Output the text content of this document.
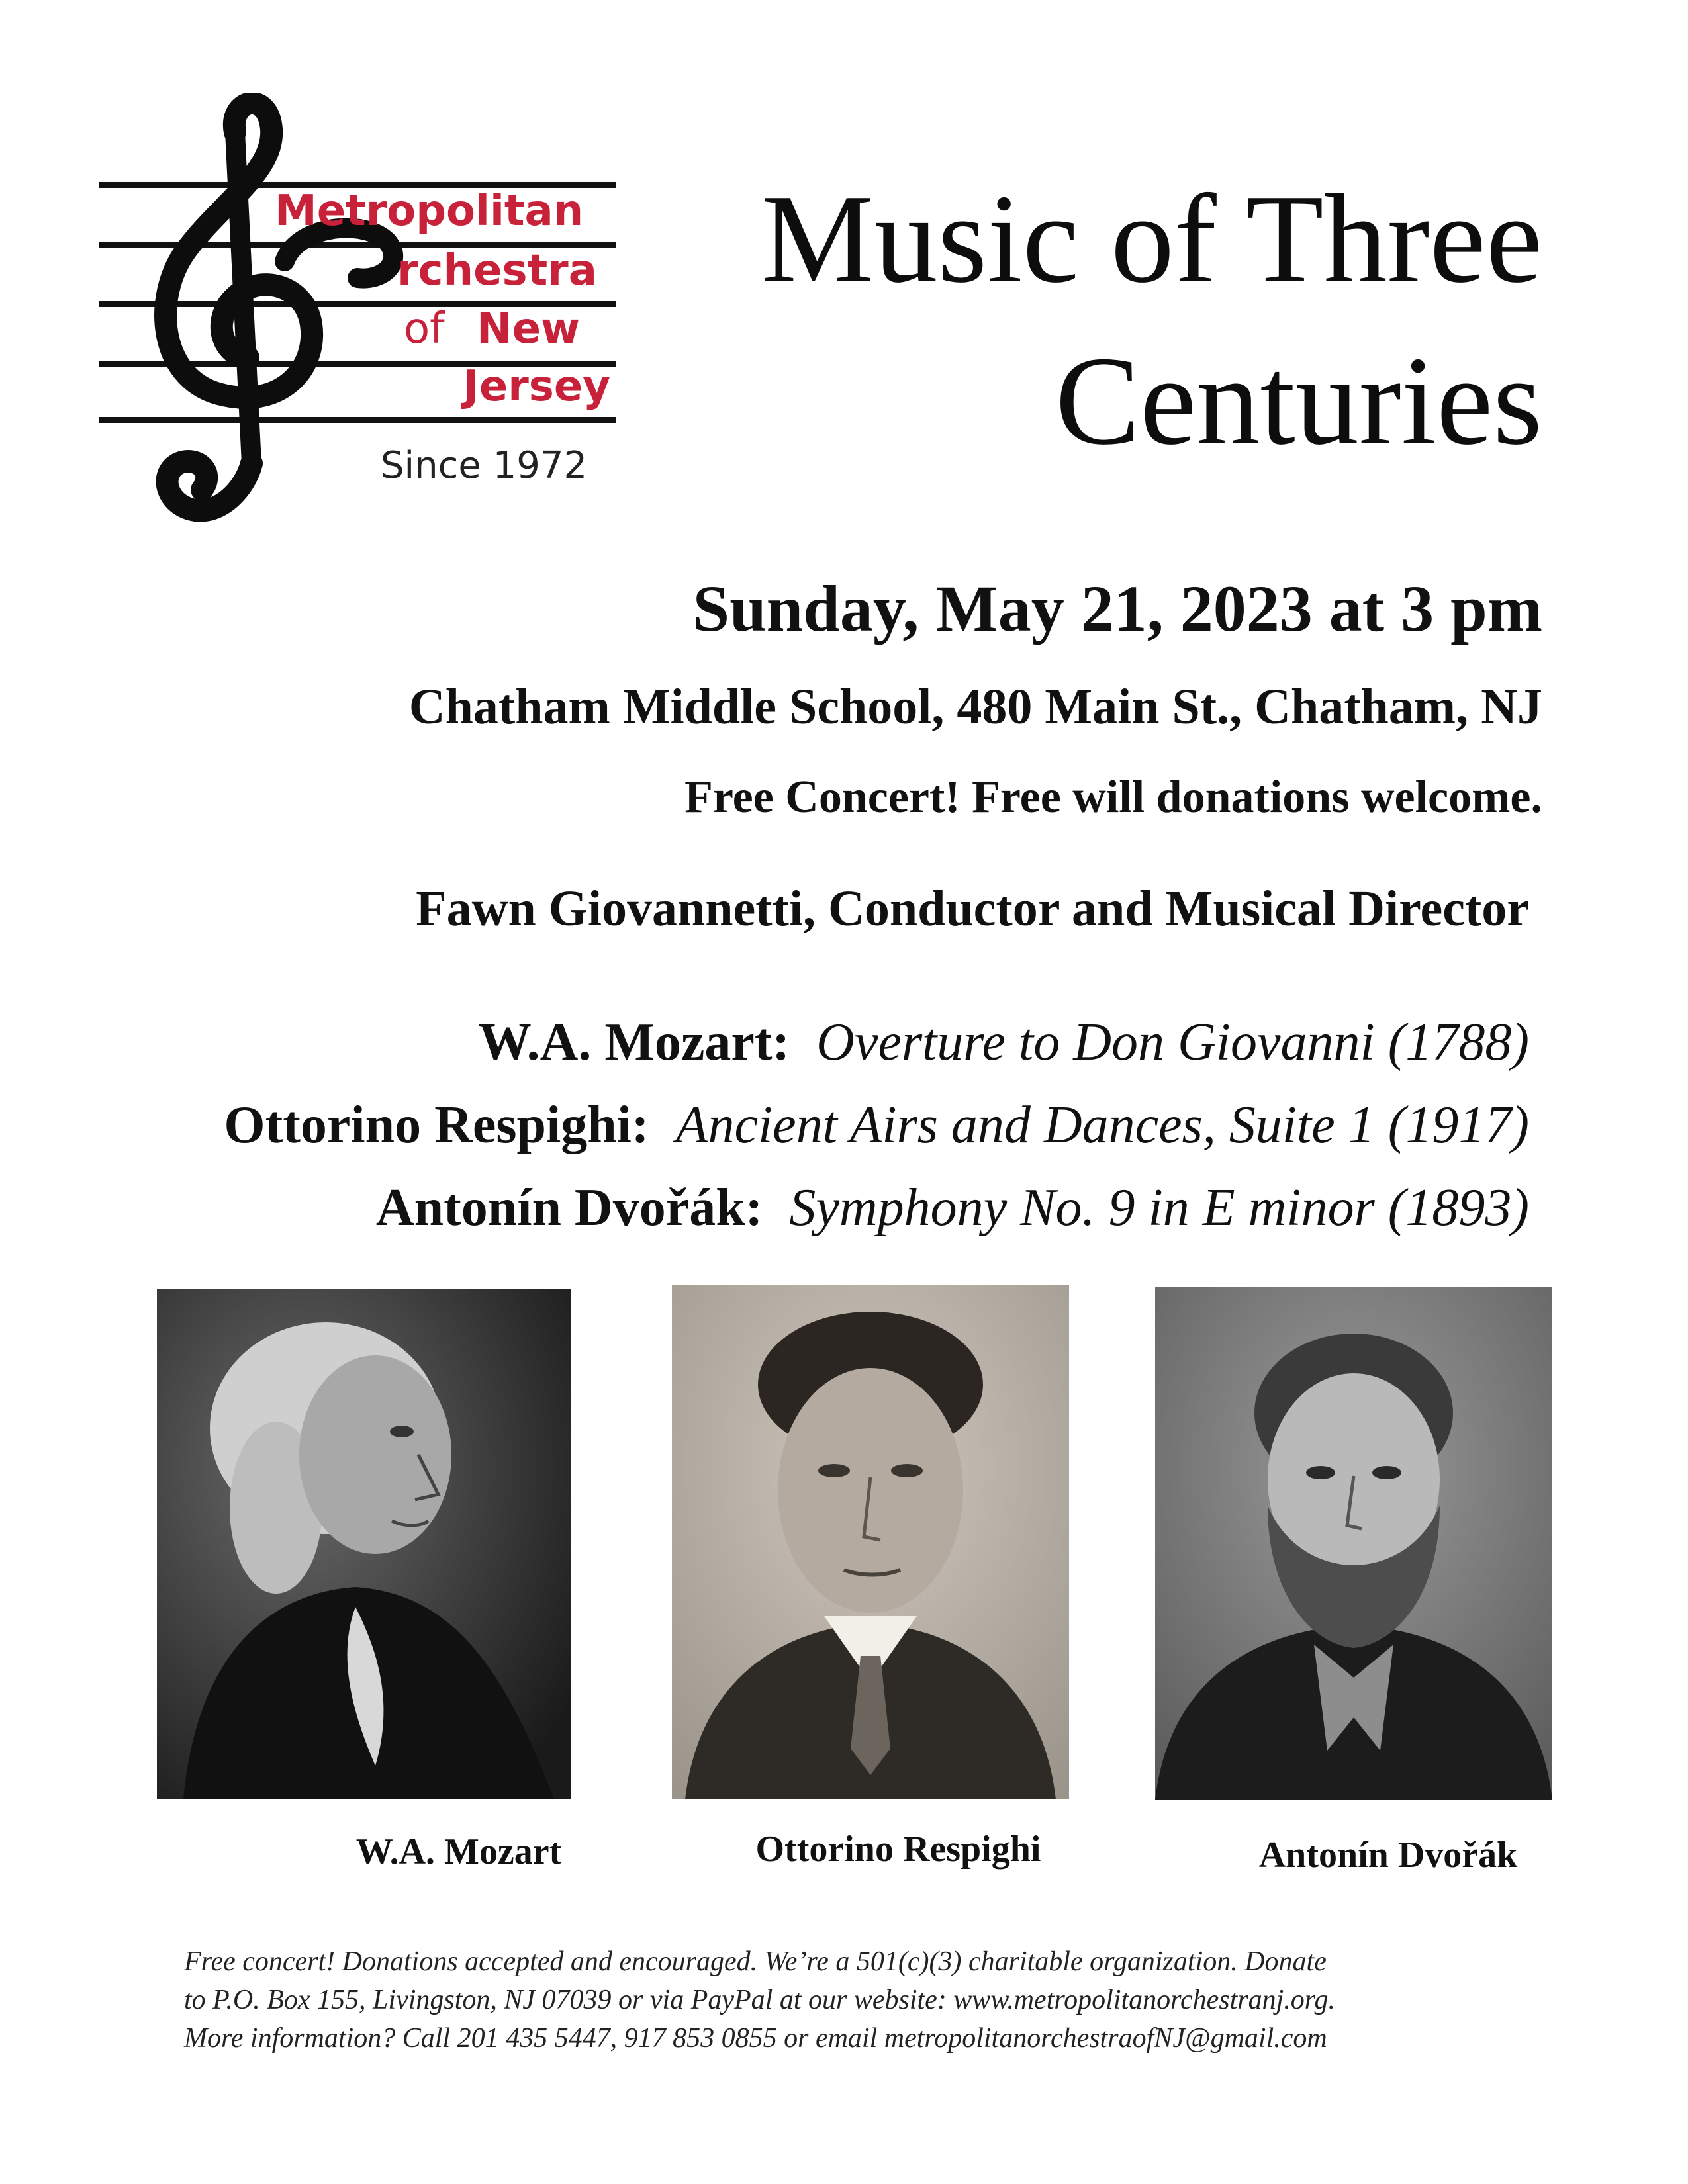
Metropolitan
rchestra
of New
Jersey
Since 1972
Music of Three
Centuries
Sunday, May 21, 2023 at 3 pm
Chatham Middle School, 480 Main St., Chatham, NJ
Free Concert! Free will donations welcome.
Fawn Giovannetti, Conductor and Musical Director
W.A. Mozart: Overture to Don Giovanni (1788)
Ottorino Respighi: Ancient Airs and Dances, Suite 1 (1917)
Antonín Dvořák: Symphony No. 9 in E minor (1893)
W.A. Mozart	Ottorino Respighi	Antonín Dvořák
Free concert! Donations accepted and encouraged. We’re a 501(c)(3) charitable organization. Donate
to P.O. Box 155, Livingston, NJ 07039 or via PayPal at our website: www.metropolitanorchestranj.org.
More information? Call 201 435 5447, 917 853 0855 or email metropolitanorchestraofNJ@gmail.com
